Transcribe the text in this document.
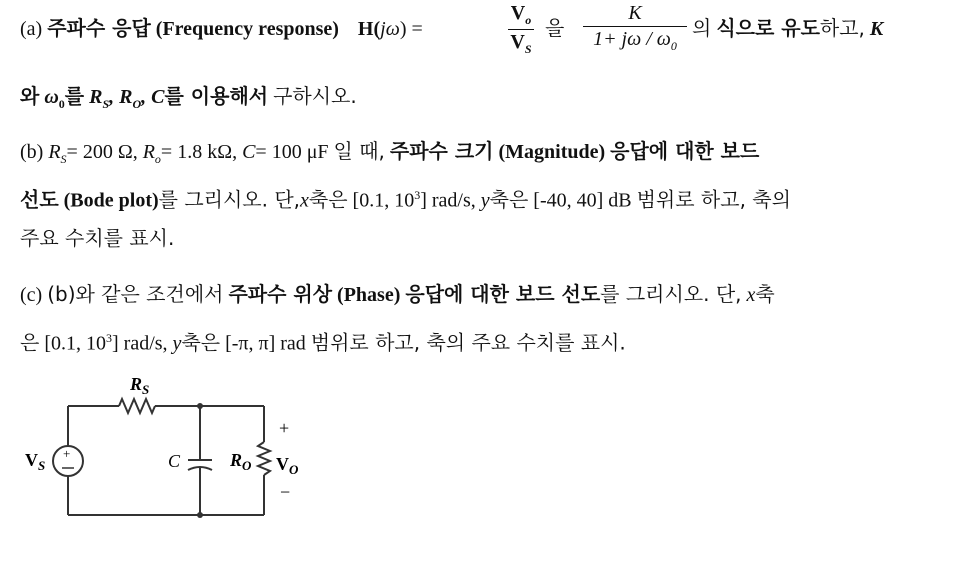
(a) 주파수 응답 (Frequency response) H(jω) =
$V_o$
$V_S$
을
K
$1+ j\omega / \omega_0$
의 식으로 유도하고, K
와 $\omega_0$를 $R_S$, $R_O$, C를 이용해서 구하시오.
(b) $R_S= 200$ Ω, $R_o= 1.8$ kΩ, C= 100 μF 일 때, 주파수 크기 (Magnitude) 응답에 대한 보드
선도 (Bode plot)를 그리시오. 단,x축은 [0.1, $10^3$] rad/s, y축은 [-40, 40] dB 범위로 하고, 축의
주요 수치를 표시.
(c) (b)와 같은 조건에서 주파수 위상 (Phase) 응답에 대한 보드 선도를 그리시오. 단, x축
은 [0.1, $10^3$] rad/s, y축은 [-π, π] rad 범위로 하고, 축의 주요 수치를 표시.
$R_S$
$V_S$
+	C	$R_O$ $V_O$
+
−
